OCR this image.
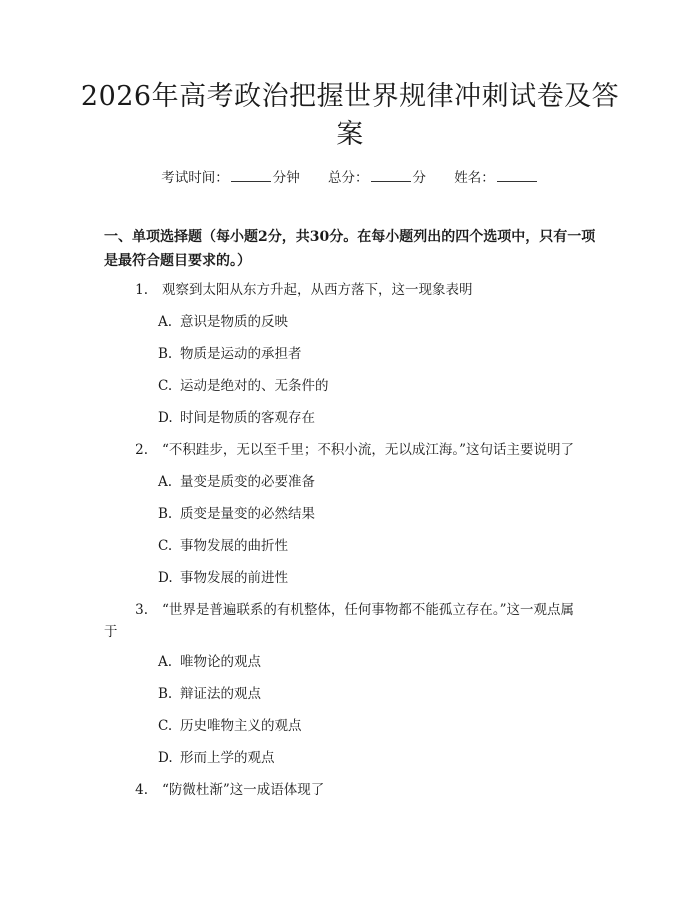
2026年高考政治把握世界规律冲刺试卷及答案
考试时间：	分钟 总分：	分 姓名：
一、单项选择题（每小题2分，共30分。在每小题列出的四个选项中，只有一项是最符合题目要求的。）
1. 观察到太阳从东方升起，从西方落下，这一现象表明
A. 意识是物质的反映
B. 物质是运动的承担者
C. 运动是绝对的、无条件的
D. 时间是物质的客观存在
2. “不积跬步，无以至千里；不积小流，无以成江海。”这句话主要说明了
A. 量变是质变的必要准备
B. 质变是量变的必然结果
C. 事物发展的曲折性
D. 事物发展的前进性
3. “世界是普遍联系的有机整体，任何事物都不能孤立存在。”这一观点属
于
A. 唯物论的观点
B. 辩证法的观点
C. 历史唯物主义的观点
D. 形而上学的观点
4. “防微杜渐”这一成语体现了
